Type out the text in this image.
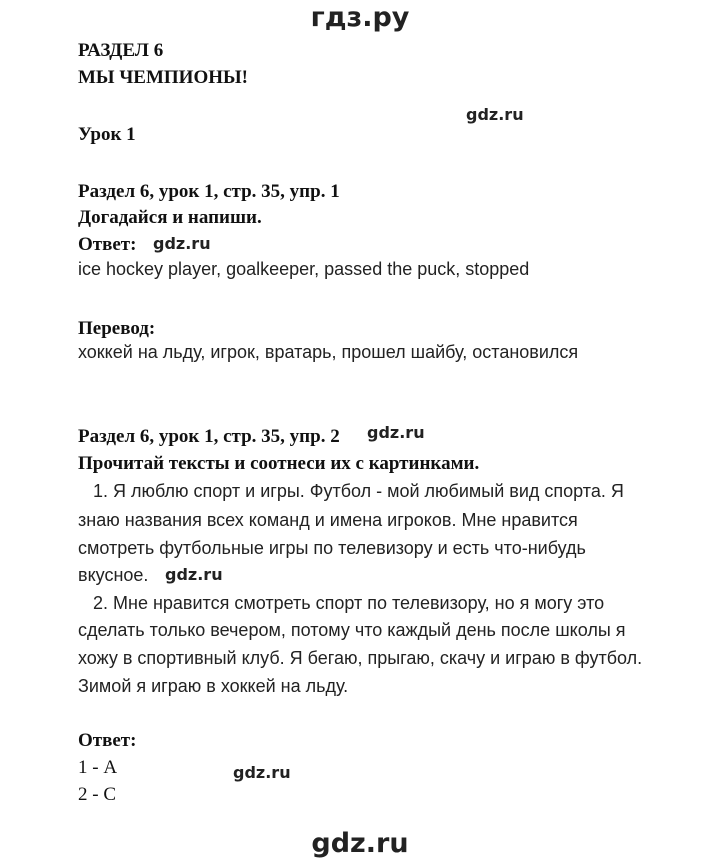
гдз.ру
РАЗДЕЛ 6
МЫ ЧЕМПИОНЫ!
gdz.ru
Урок 1
Раздел 6, урок 1, стр. 35, упр. 1
Догадайся и напиши.
Ответ: gdz.ru
ice hockey player, goalkeeper, passed the puck, stopped
Перевод:
хоккей на льду, игрок, вратарь, прошел шайбу, остановился
Раздел 6, урок 1, стр. 35, упр. 2 gdz.ru
Прочитай тексты и соотнеси их с картинками.
1. Я люблю спорт и игры. Футбол - мой любимый вид спорта. Я
знаю названия всех команд и имена игроков. Мне нравится
смотреть футбольные игры по телевизору и есть что-нибудь
вкусное. gdz.ru
2. Мне нравится смотреть спорт по телевизору, но я могу это
сделать только вечером, потому что каждый день после школы я
хожу в спортивный клуб. Я бегаю, прыгаю, скачу и играю в футбол.
Зимой я играю в хоккей на льду.
Ответ:
1 - А	gdz.ru
2 - С
gdz.ru
